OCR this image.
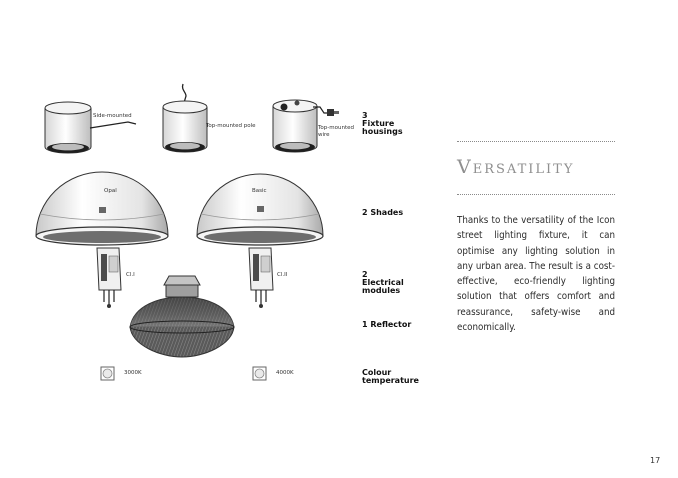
Side-mounted
Top-mounted pole	Top-mounted wire
Opal	Basic
Cl.I	Cl.II
3000K	4000K
3 Fixture housings
2 Shades
2 Electrical modules
1 Reflector
Colour temperature
Versatility
Thanks to the versatility of the Icon street lighting fixture, it can optimise any lighting solution in any urban area. The result is a cost-effective, eco-friendly lighting solution that offers comfort and reassurance, safety-wise and economically.
17
